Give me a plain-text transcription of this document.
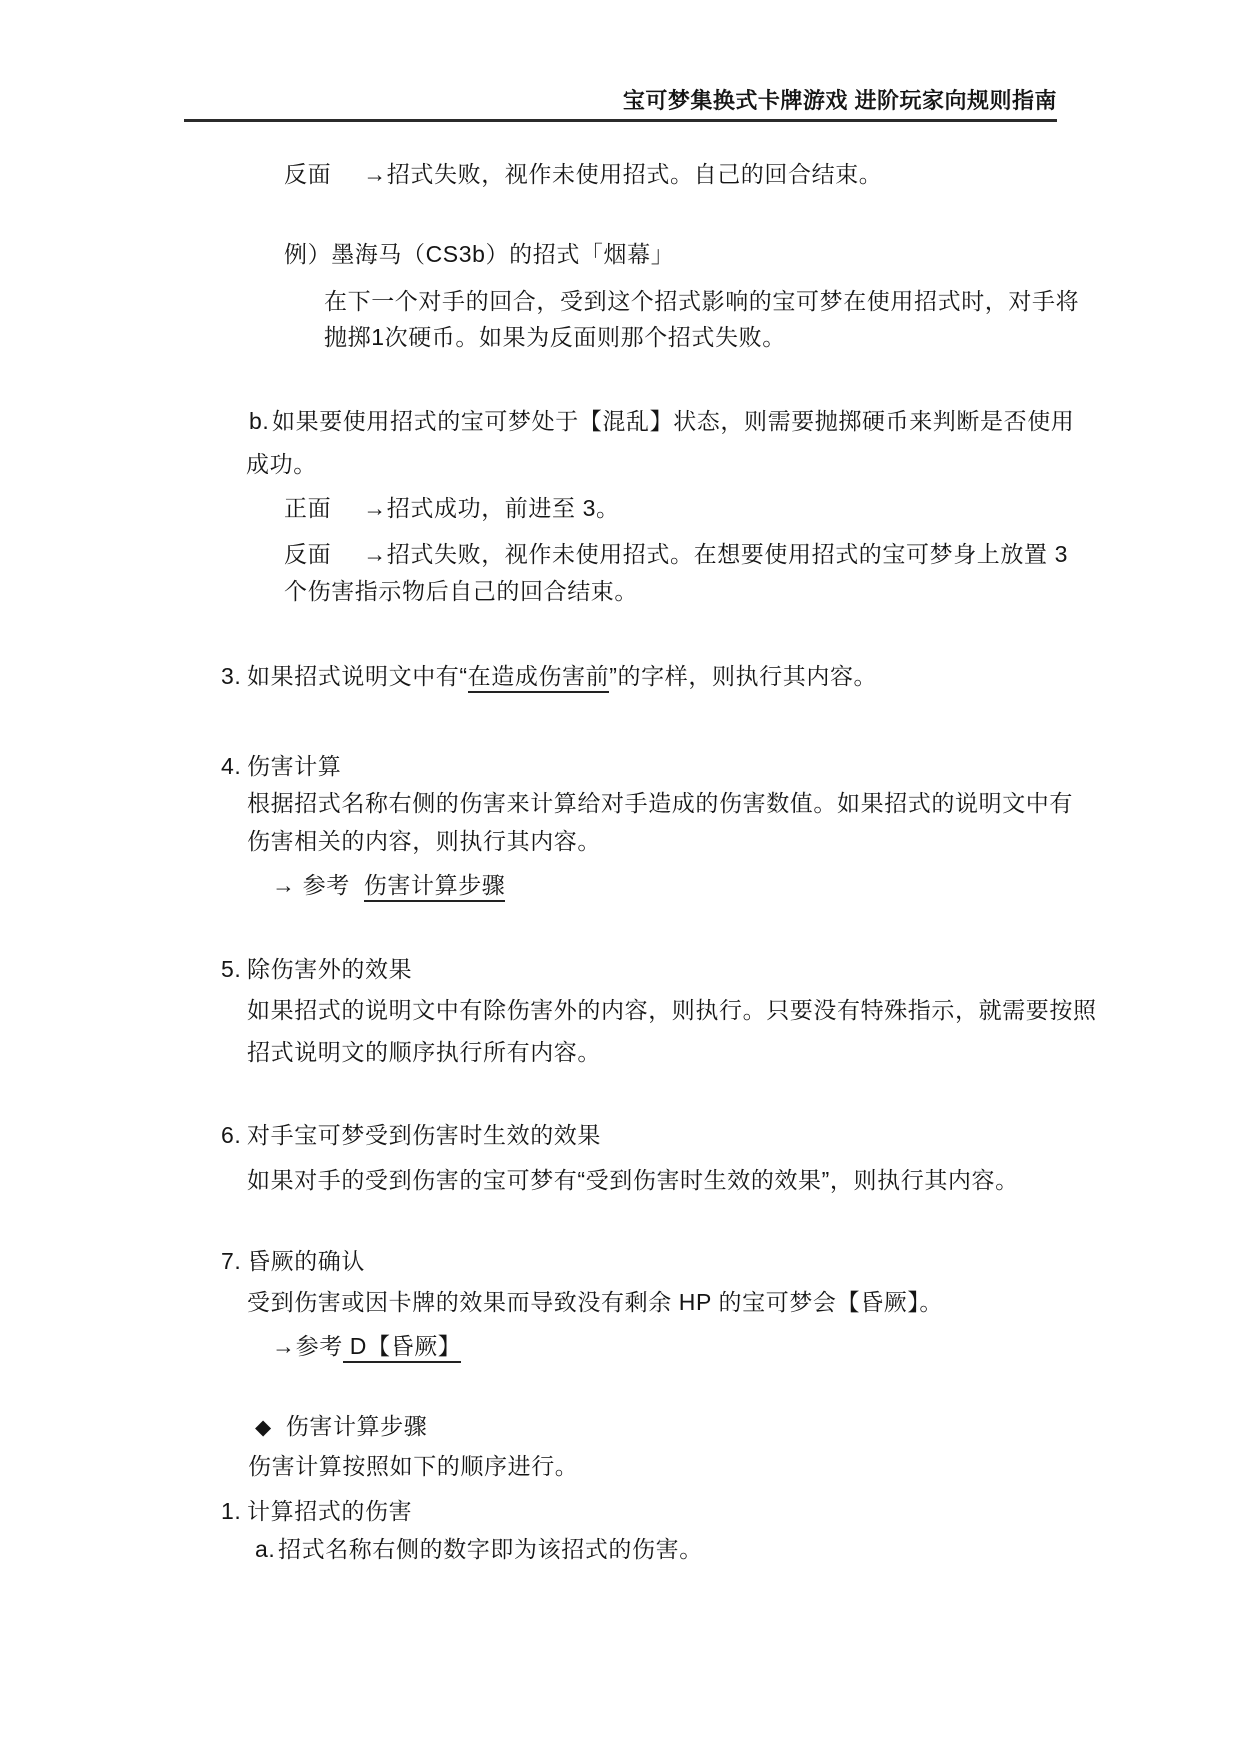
宝可梦集换式卡牌游戏 进阶玩家向规则指南
反面 →招式失败，视作未使用招式。自己的回合结束。
例）墨海马（CS3b）的招式「烟幕」
在下一个对手的回合，受到这个招式影响的宝可梦在使用招式时，对手将
抛掷1次硬币。如果为反面则那个招式失败。
b. 如果要使用招式的宝可梦处于【混乱】状态，则需要抛掷硬币来判断是否使用
成功。
正面 →招式成功，前进至 3。
反面 →招式失败，视作未使用招式。在想要使用招式的宝可梦身上放置 3
个伤害指示物后自己的回合结束。
3. 如果招式说明文中有“在造成伤害前”的字样，则执行其内容。
4. 伤害计算
根据招式名称右侧的伤害来计算给对手造成的伤害数值。如果招式的说明文中有
伤害相关的内容，则执行其内容。
→ 参考 伤害计算步骤
5. 除伤害外的效果
如果招式的说明文中有除伤害外的内容，则执行。只要没有特殊指示，就需要按照
招式说明文的顺序执行所有内容。
6. 对手宝可梦受到伤害时生效的效果
如果对手的受到伤害的宝可梦有“受到伤害时生效的效果”，则执行其内容。
7. 昏厥的确认
受到伤害或因卡牌的效果而导致没有剩余 HP 的宝可梦会【昏厥】。
→参考 D【昏厥】
◆ 伤害计算步骤
伤害计算按照如下的顺序进行。
1. 计算招式的伤害
a. 招式名称右侧的数字即为该招式的伤害。
